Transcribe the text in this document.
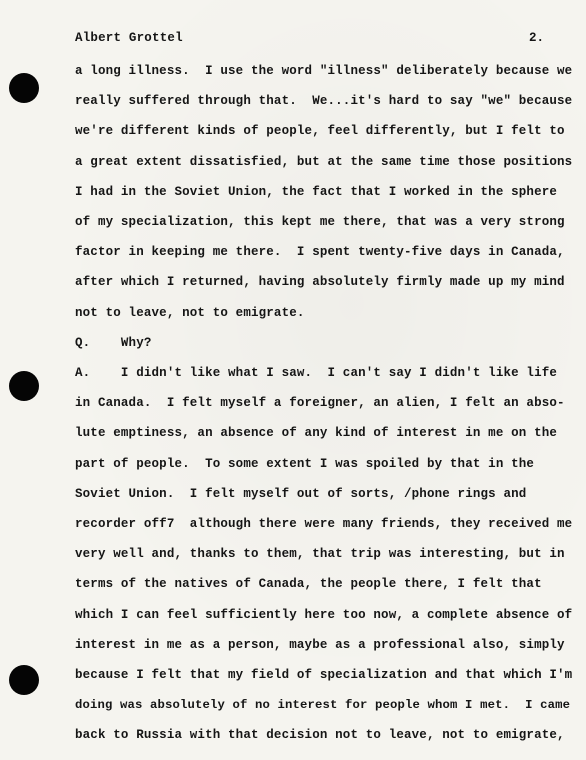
Albert Grottel	2.
a long illness.  I use the word "illness" deliberately because we
really suffered through that.  We...it's hard to say "we" because
we're different kinds of people, feel differently, but I felt to
a great extent dissatisfied, but at the same time those positions
I had in the Soviet Union, the fact that I worked in the sphere
of my specialization, this kept me there, that was a very strong
factor in keeping me there.  I spent twenty-five days in Canada,
after which I returned, having absolutely firmly made up my mind
not to leave, not to emigrate.
Q.    Why?
A.    I didn't like what I saw.  I can't say I didn't like life
in Canada.  I felt myself a foreigner, an alien, I felt an abso-
lute emptiness, an absence of any kind of interest in me on the
part of people.  To some extent I was spoiled by that in the
Soviet Union.  I felt myself out of sorts, /phone rings and
recorder off7  although there were many friends, they received me
very well and, thanks to them, that trip was interesting, but in
terms of the natives of Canada, the people there, I felt that
which I can feel sufficiently here too now, a complete absence of
interest in me as a person, maybe as a professional also, simply
because I felt that my field of specialization and that which I'm
doing was absolutely of no interest for people whom I met.  I came
back to Russia with that decision not to leave, not to emigrate,
